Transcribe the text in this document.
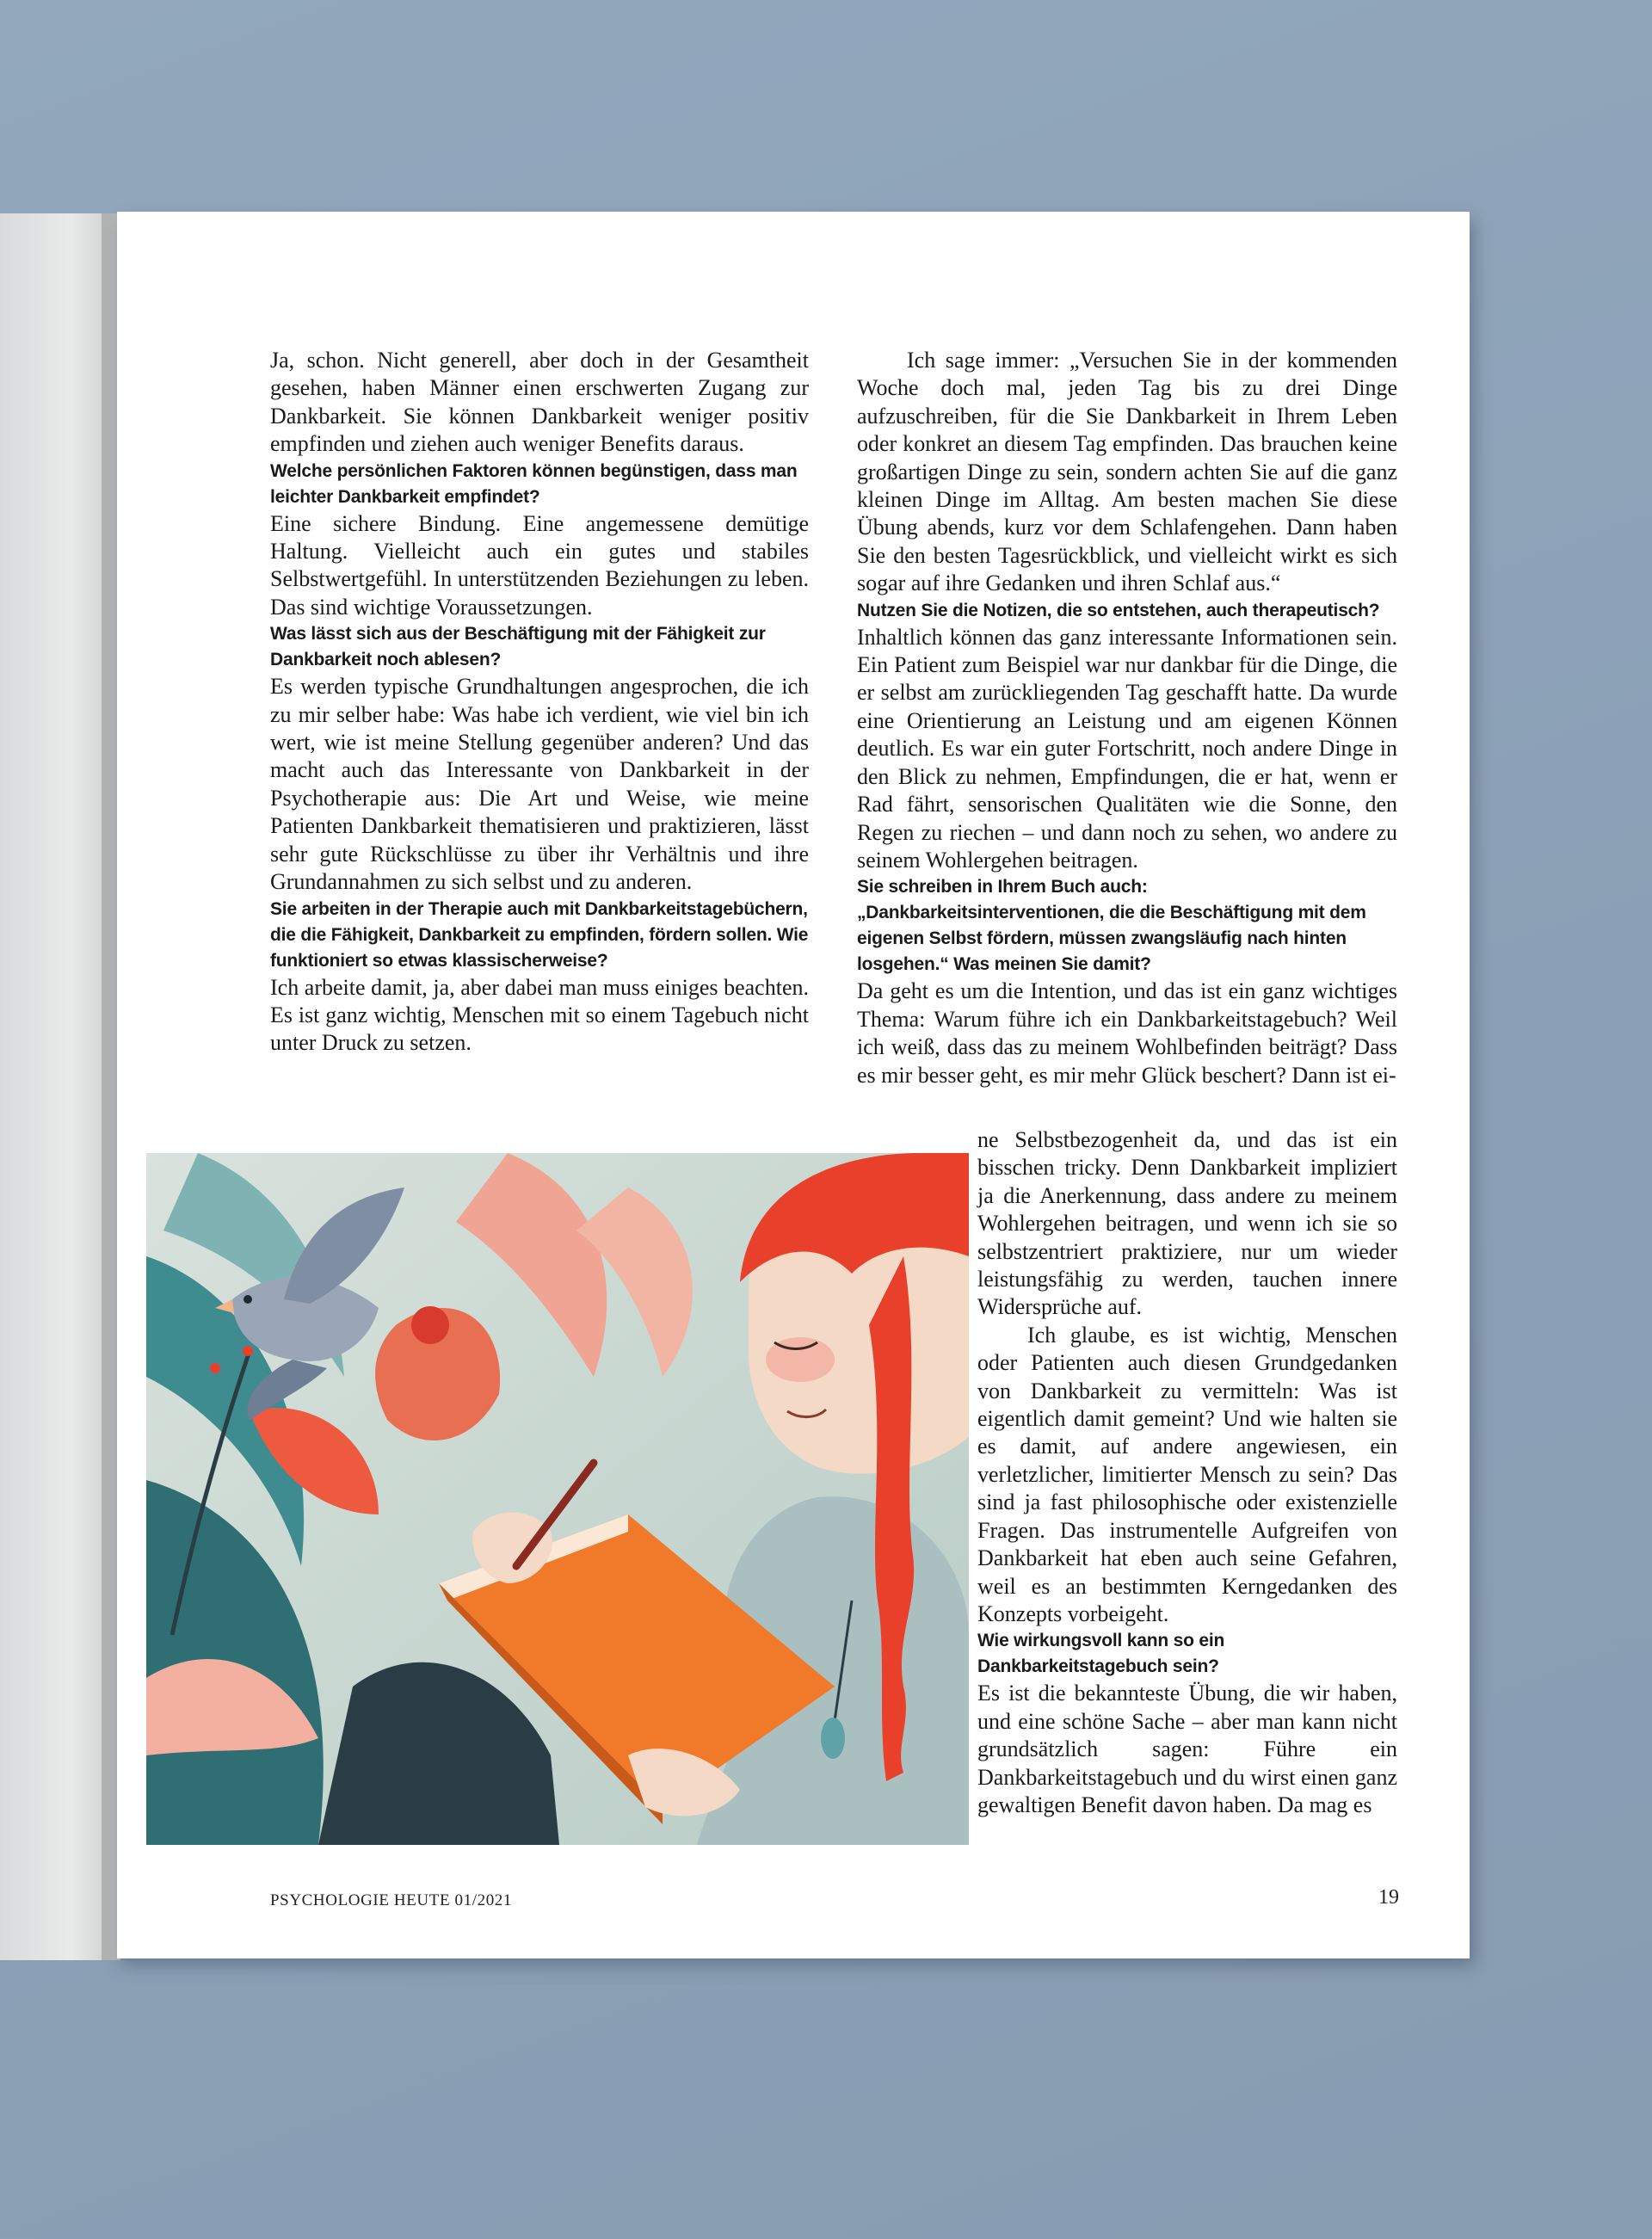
Ja, schon. Nicht generell, aber doch in der Gesamtheit gesehen, haben Männer einen erschwerten Zugang zur Dankbarkeit. Sie können Dankbarkeit weniger positiv empfinden und ziehen auch weniger Benefits daraus.

Welche persönlichen Faktoren können begünstigen, dass man leichter Dankbarkeit empfindet?

Eine sichere Bindung. Eine angemessene demütige Haltung. Vielleicht auch ein gutes und stabiles Selbstwertgefühl. In unterstützenden Beziehungen zu leben. Das sind wichtige Voraussetzungen.

Was lässt sich aus der Beschäftigung mit der Fähigkeit zur Dankbarkeit noch ablesen?

Es werden typische Grundhaltungen angesprochen, die ich zu mir selber habe: Was habe ich verdient, wie viel bin ich wert, wie ist meine Stellung gegenüber anderen? Und das macht auch das Interessante von Dankbarkeit in der Psychotherapie aus: Die Art und Weise, wie meine Patienten Dankbarkeit thematisieren und praktizieren, lässt sehr gute Rückschlüsse zu über ihr Verhältnis und ihre Grundannahmen zu sich selbst und zu anderen.

Sie arbeiten in der Therapie auch mit Dankbarkeitstagebüchern, die die Fähigkeit, Dankbarkeit zu empfinden, fördern sollen. Wie funktioniert so etwas klassischerweise?

Ich arbeite damit, ja, aber dabei man muss einiges beachten. Es ist ganz wichtig, Menschen mit so einem Tagebuch nicht unter Druck zu setzen.

Ich sage immer: „Versuchen Sie in der kommenden Woche doch mal, jeden Tag bis zu drei Dinge aufzuschreiben, für die Sie Dankbarkeit in Ihrem Leben oder konkret an diesem Tag empfinden. Das brauchen keine großartigen Dinge zu sein, sondern achten Sie auf die ganz kleinen Dinge im Alltag. Am besten machen Sie diese Übung abends, kurz vor dem Schlafengehen. Dann haben Sie den besten Tagesrückblick, und vielleicht wirkt es sich sogar auf ihre Gedanken und ihren Schlaf aus.“

Nutzen Sie die Notizen, die so entstehen, auch therapeutisch?

Inhaltlich können das ganz interessante Informationen sein. Ein Patient zum Beispiel war nur dankbar für die Dinge, die er selbst am zurückliegenden Tag geschafft hatte. Da wurde eine Orientierung an Leistung und am eigenen Können deutlich. Es war ein guter Fortschritt, noch andere Dinge in den Blick zu nehmen, Empfindungen, die er hat, wenn er Rad fährt, sensorischen Qualitäten wie die Sonne, den Regen zu riechen – und dann noch zu sehen, wo andere zu seinem Wohlergehen beitragen.

Sie schreiben in Ihrem Buch auch: „Dankbarkeitsinterventionen, die die Beschäftigung mit dem eigenen Selbst fördern, müssen zwangsläufig nach hinten losgehen.“ Was meinen Sie damit?

Da geht es um die Intention, und das ist ein ganz wichtiges Thema: Warum führe ich ein Dankbarkeitstagebuch? Weil ich weiß, dass das zu meinem Wohlbefinden beiträgt? Dass es mir besser geht, es mir mehr Glück beschert? Dann ist ei-

ne Selbstbezogenheit da, und das ist ein bisschen tricky. Denn Dankbarkeit impliziert ja die Anerkennung, dass andere zu meinem Wohlergehen beitragen, und wenn ich sie so selbstzentriert praktiziere, nur um wieder leistungsfähig zu werden, tauchen innere Widersprüche auf.

Ich glaube, es ist wichtig, Menschen oder Patienten auch diesen Grundgedanken von Dankbarkeit zu vermitteln: Was ist eigentlich damit gemeint? Und wie halten sie es damit, auf andere angewiesen, ein verletzlicher, limitierter Mensch zu sein? Das sind ja fast philosophische oder existenzielle Fragen. Das instrumentelle Aufgreifen von Dankbarkeit hat eben auch seine Gefahren, weil es an bestimmten Kerngedanken des Konzepts vorbeigeht.

Wie wirkungsvoll kann so ein Dankbarkeitstagebuch sein?

Es ist die bekannteste Übung, die wir haben, und eine schöne Sache – aber man kann nicht grundsätzlich sagen: Führe ein Dankbarkeitstagebuch und du wirst einen ganz gewaltigen Benefit davon haben. Da mag es

PSYCHOLOGIE HEUTE 01/2021	19
